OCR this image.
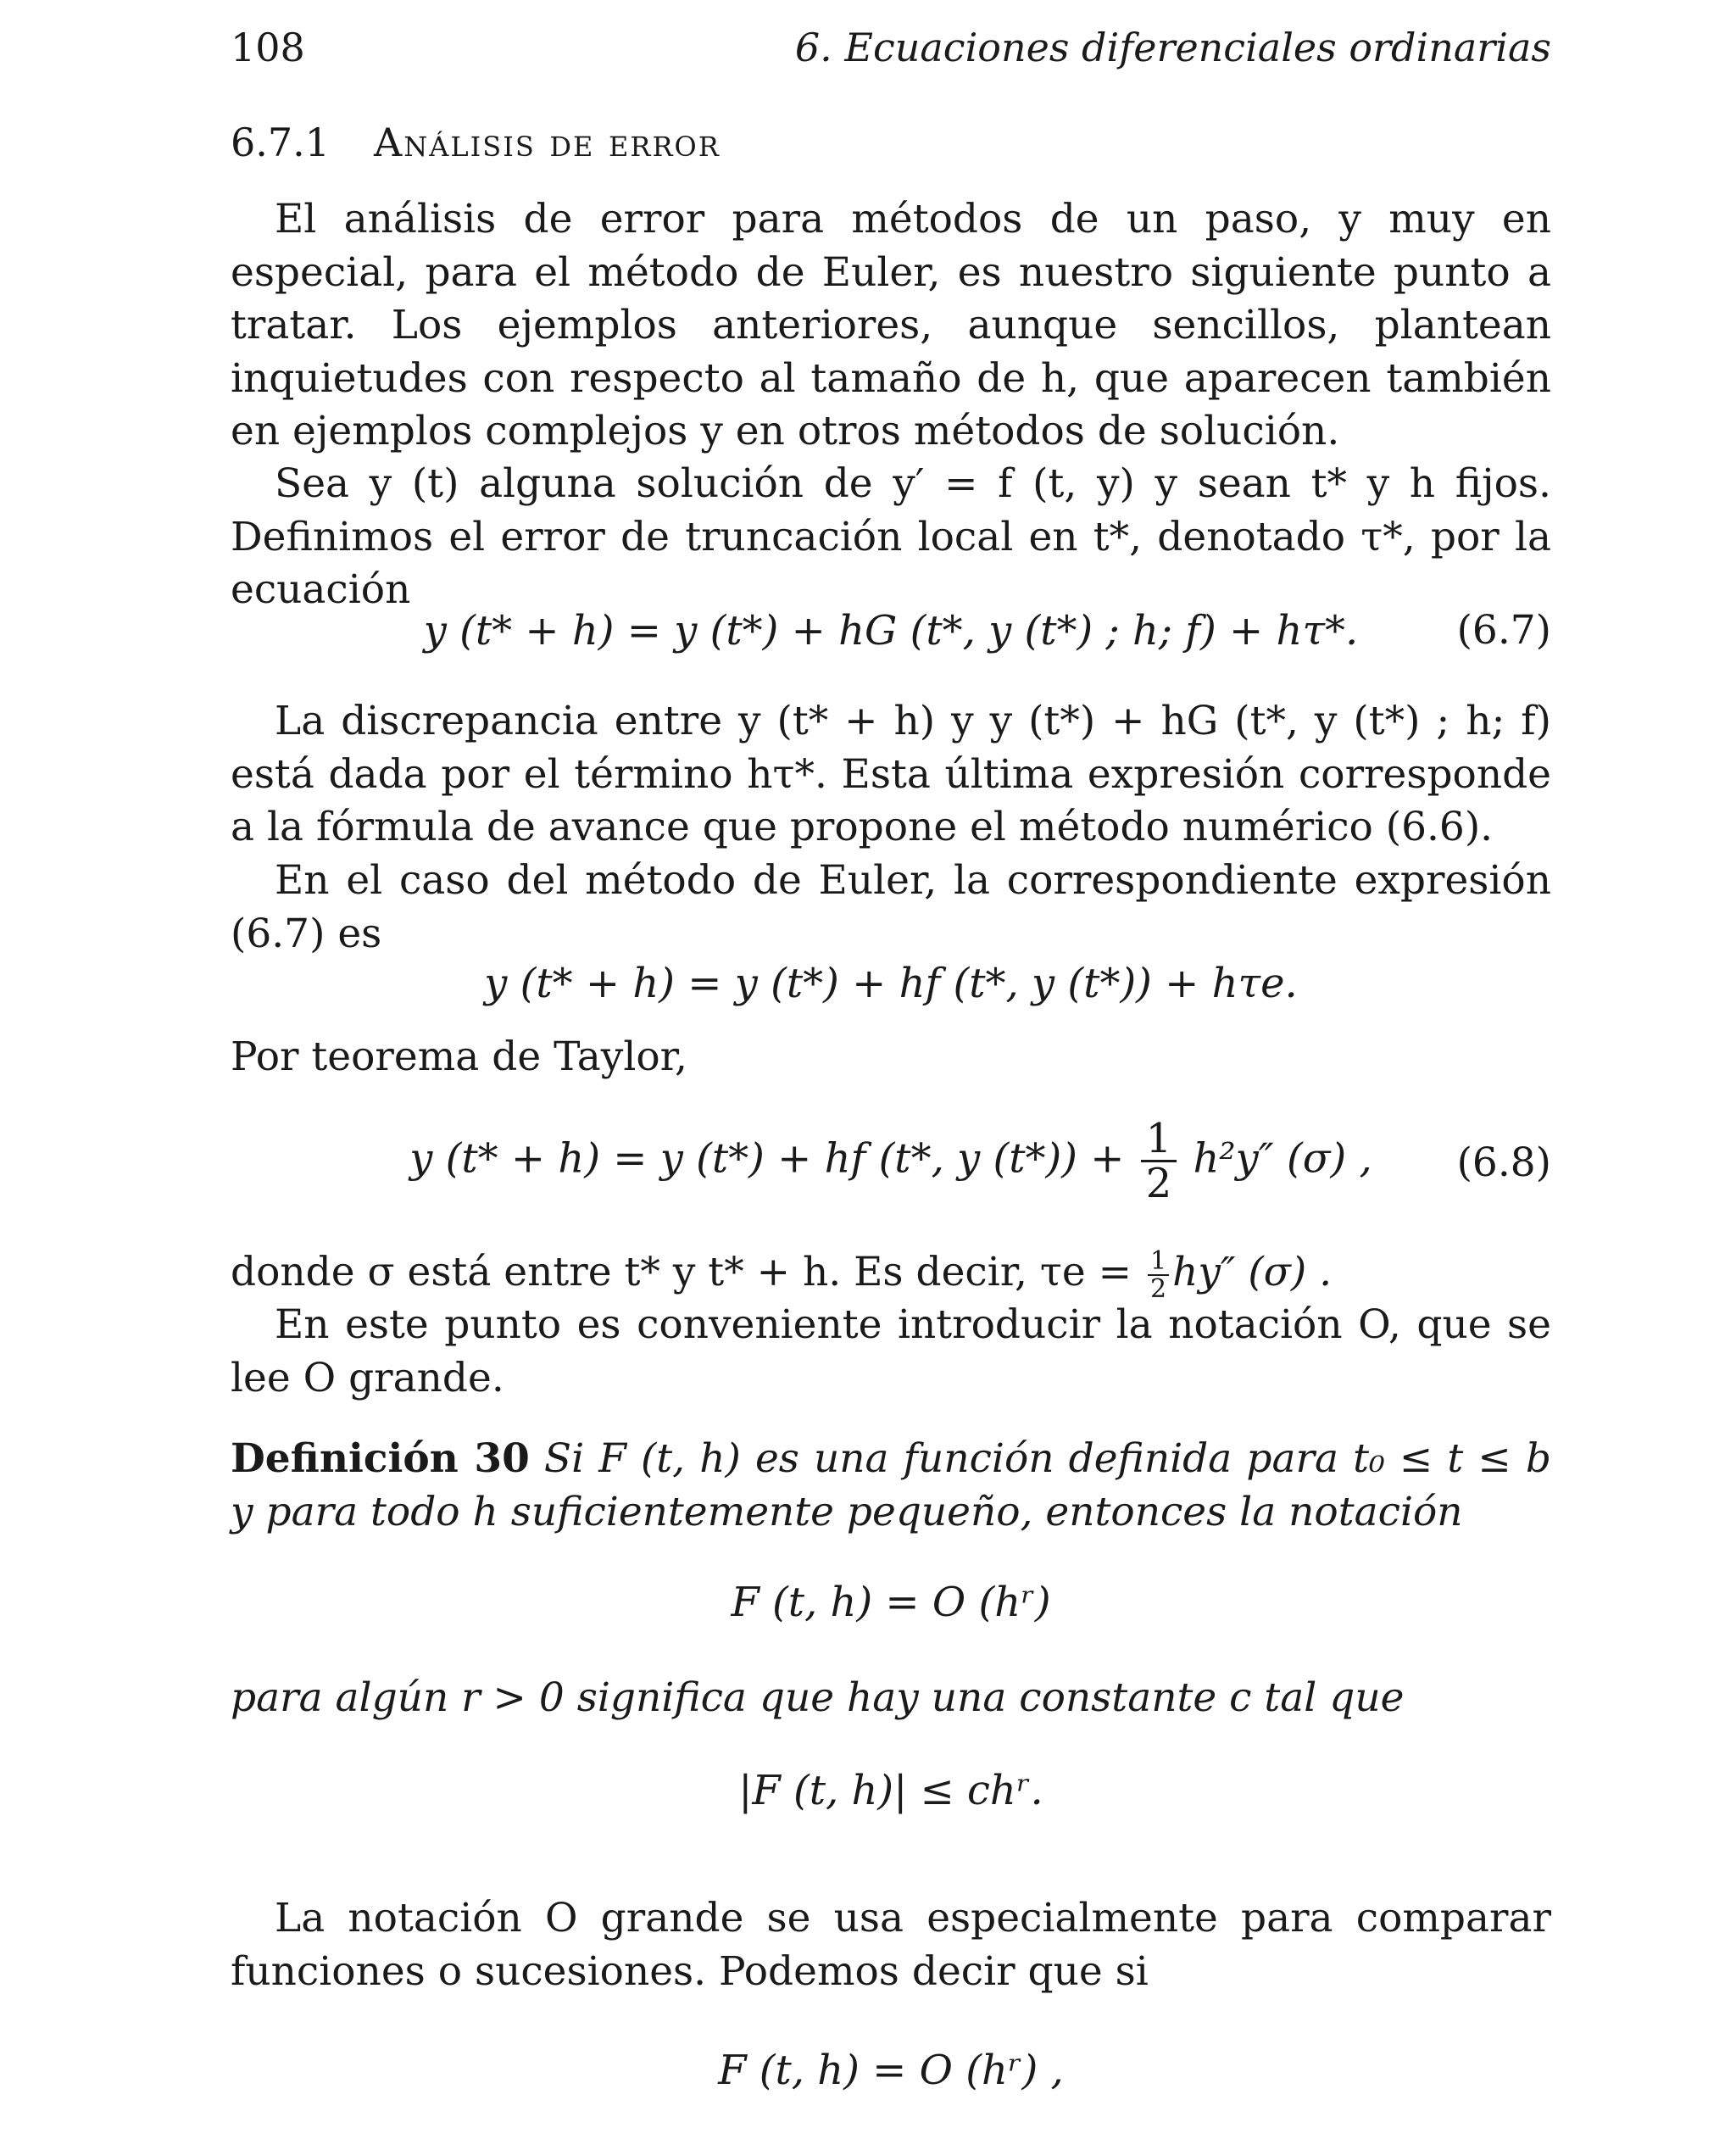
108	6. Ecuaciones diferenciales ordinarias
6.7.1 Análisis de error
El análisis de error para métodos de un paso, y muy en especial, para el método de Euler, es nuestro siguiente punto a tratar. Los ejemplos anteriores, aunque sencillos, plantean inquietudes con respecto al tamaño de h, que aparecen también en ejemplos complejos y en otros métodos de solución.
Sea y (t) alguna solución de y′ = f (t, y) y sean t* y h fijos. Definimos el error de truncación local en t*, denotado τ*, por la ecuación
y (t* + h) = y (t*) + hG (t*, y (t*) ; h; f) + hτ*. (6.7)
La discrepancia entre y (t* + h) y y (t*) + hG (t*, y (t*) ; h; f) está dada por el término hτ*. Esta última expresión corresponde a la fórmula de avance que propone el método numérico (6.6).
En el caso del método de Euler, la correspondiente expresión (6.7) es
y (t* + h) = y (t*) + hf (t*, y (t*)) + hτe.
Por teorema de Taylor,
y (t* + h) = y (t*) + hf (t*, y $(t*)) + \frac{1}{2} h^2y''$ (σ) , (6.8)
donde σ está entre t* y t* + h. Es decir, $\tau e = \frac{1}{2} hy''$ (σ) .
En este punto es conveniente introducir la notación O, que se lee O grande.
Definición 30 Si F (t, h) es una función definida para t₀ ≤ t ≤ b y para todo h suficientemente pequeño, entonces la notación
F (t, h) = O (hʳ)
para algún r > 0 significa que hay una constante c tal que
|F (t, h)| ≤ chʳ.
La notación O grande se usa especialmente para comparar funciones o sucesiones. Podemos decir que si
F (t, h) = O (hʳ) ,
